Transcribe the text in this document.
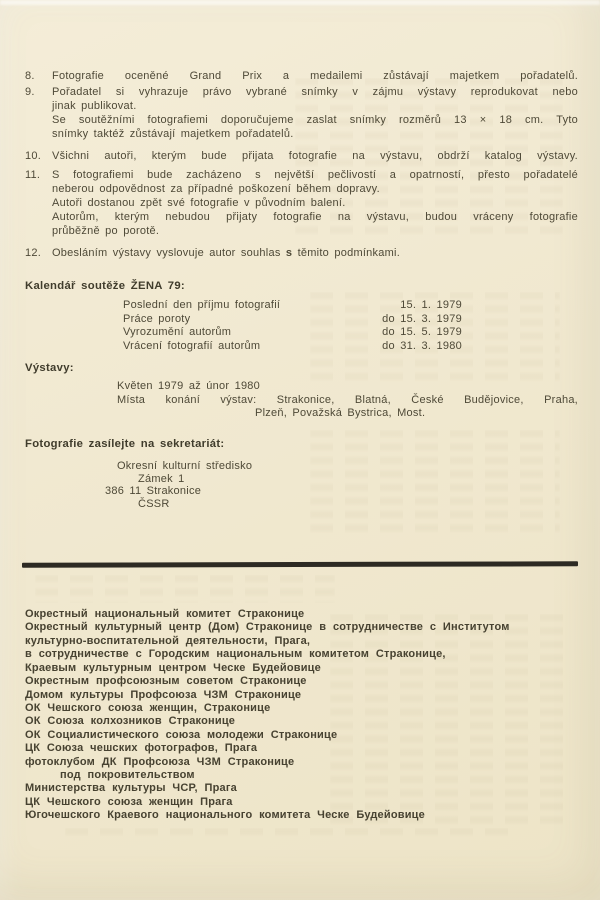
8.	Fotografie oceněné Grand Prix a medailemi zůstávají majetkem pořadatelů.
9.	Pořadatel si vyhrazuje právo vybrané snímky v zájmu výstavy reprodukovat nebo
jinak publikovat.
Se soutěžními fotografiemi doporučujeme zaslat snímky rozměrů 13 × 18 cm. Tyto
snímky taktéž zůstávají majetkem pořadatelů.
10. Všichni autoři, kterým bude přijata fotografie na výstavu, obdrží katalog výstavy.
11.	S fotografiemi bude zacházeno s největší pečlivostí a opatrností, přesto pořadatelé
neberou odpovědnost za případné poškození během dopravy.
Autoři dostanou zpět své fotografie v původním balení.
Autorům, kterým nebudou přijaty fotografie na výstavu, budou vráceny fotografie
průběžně po porotě.
12. Obesláním výstavy vyslovuje autor souhlas s těmito podmínkami.
Kalendář soutěže ŽENA 79:
Poslední den příjmu fotografií	15. 1. 1979
Práce poroty	do 15. 3. 1979
Vyrozumění autorům	do 15. 5. 1979
Vrácení fotografií autorům	do 31. 3. 1980
Výstavy:
Květen 1979 až únor 1980
Místa konání výstav: Strakonice, Blatná, České Budějovice, Praha,
Plzeň, Považská Bystrica, Most.
Fotografie zasílejte na sekretariát:
Okresní kulturní středisko
Zámek 1
386 11 Strakonice
ČSSR
Окрестный национальный комитет Страконице
Окрестный культурный центр (Дом) Страконице в сотрудничестве с Институтом
культурно-воспитательной деятельности, Прага,
в сотрудничестве с Городским национальным комитетом Страконице,
Краевым культурным центром Ческе Будейовице
Окрестным профсоюзным советом Страконице
Домом культуры Профсоюза ЧЗМ Страконице
ОК Чешского союза женщин, Страконице
ОК Союза колхозников Страконице
ОК Социалистического союза молодежи Страконице
ЦК Союза чешских фотографов, Прага
фотоклубом ДК Профсоюза ЧЗМ Страконице
под покровительством
Министерства культуры ЧСР, Прага
ЦК Чешского союза женщин Прага
Югочешского Краевого национального комитета Ческе Будейовице
